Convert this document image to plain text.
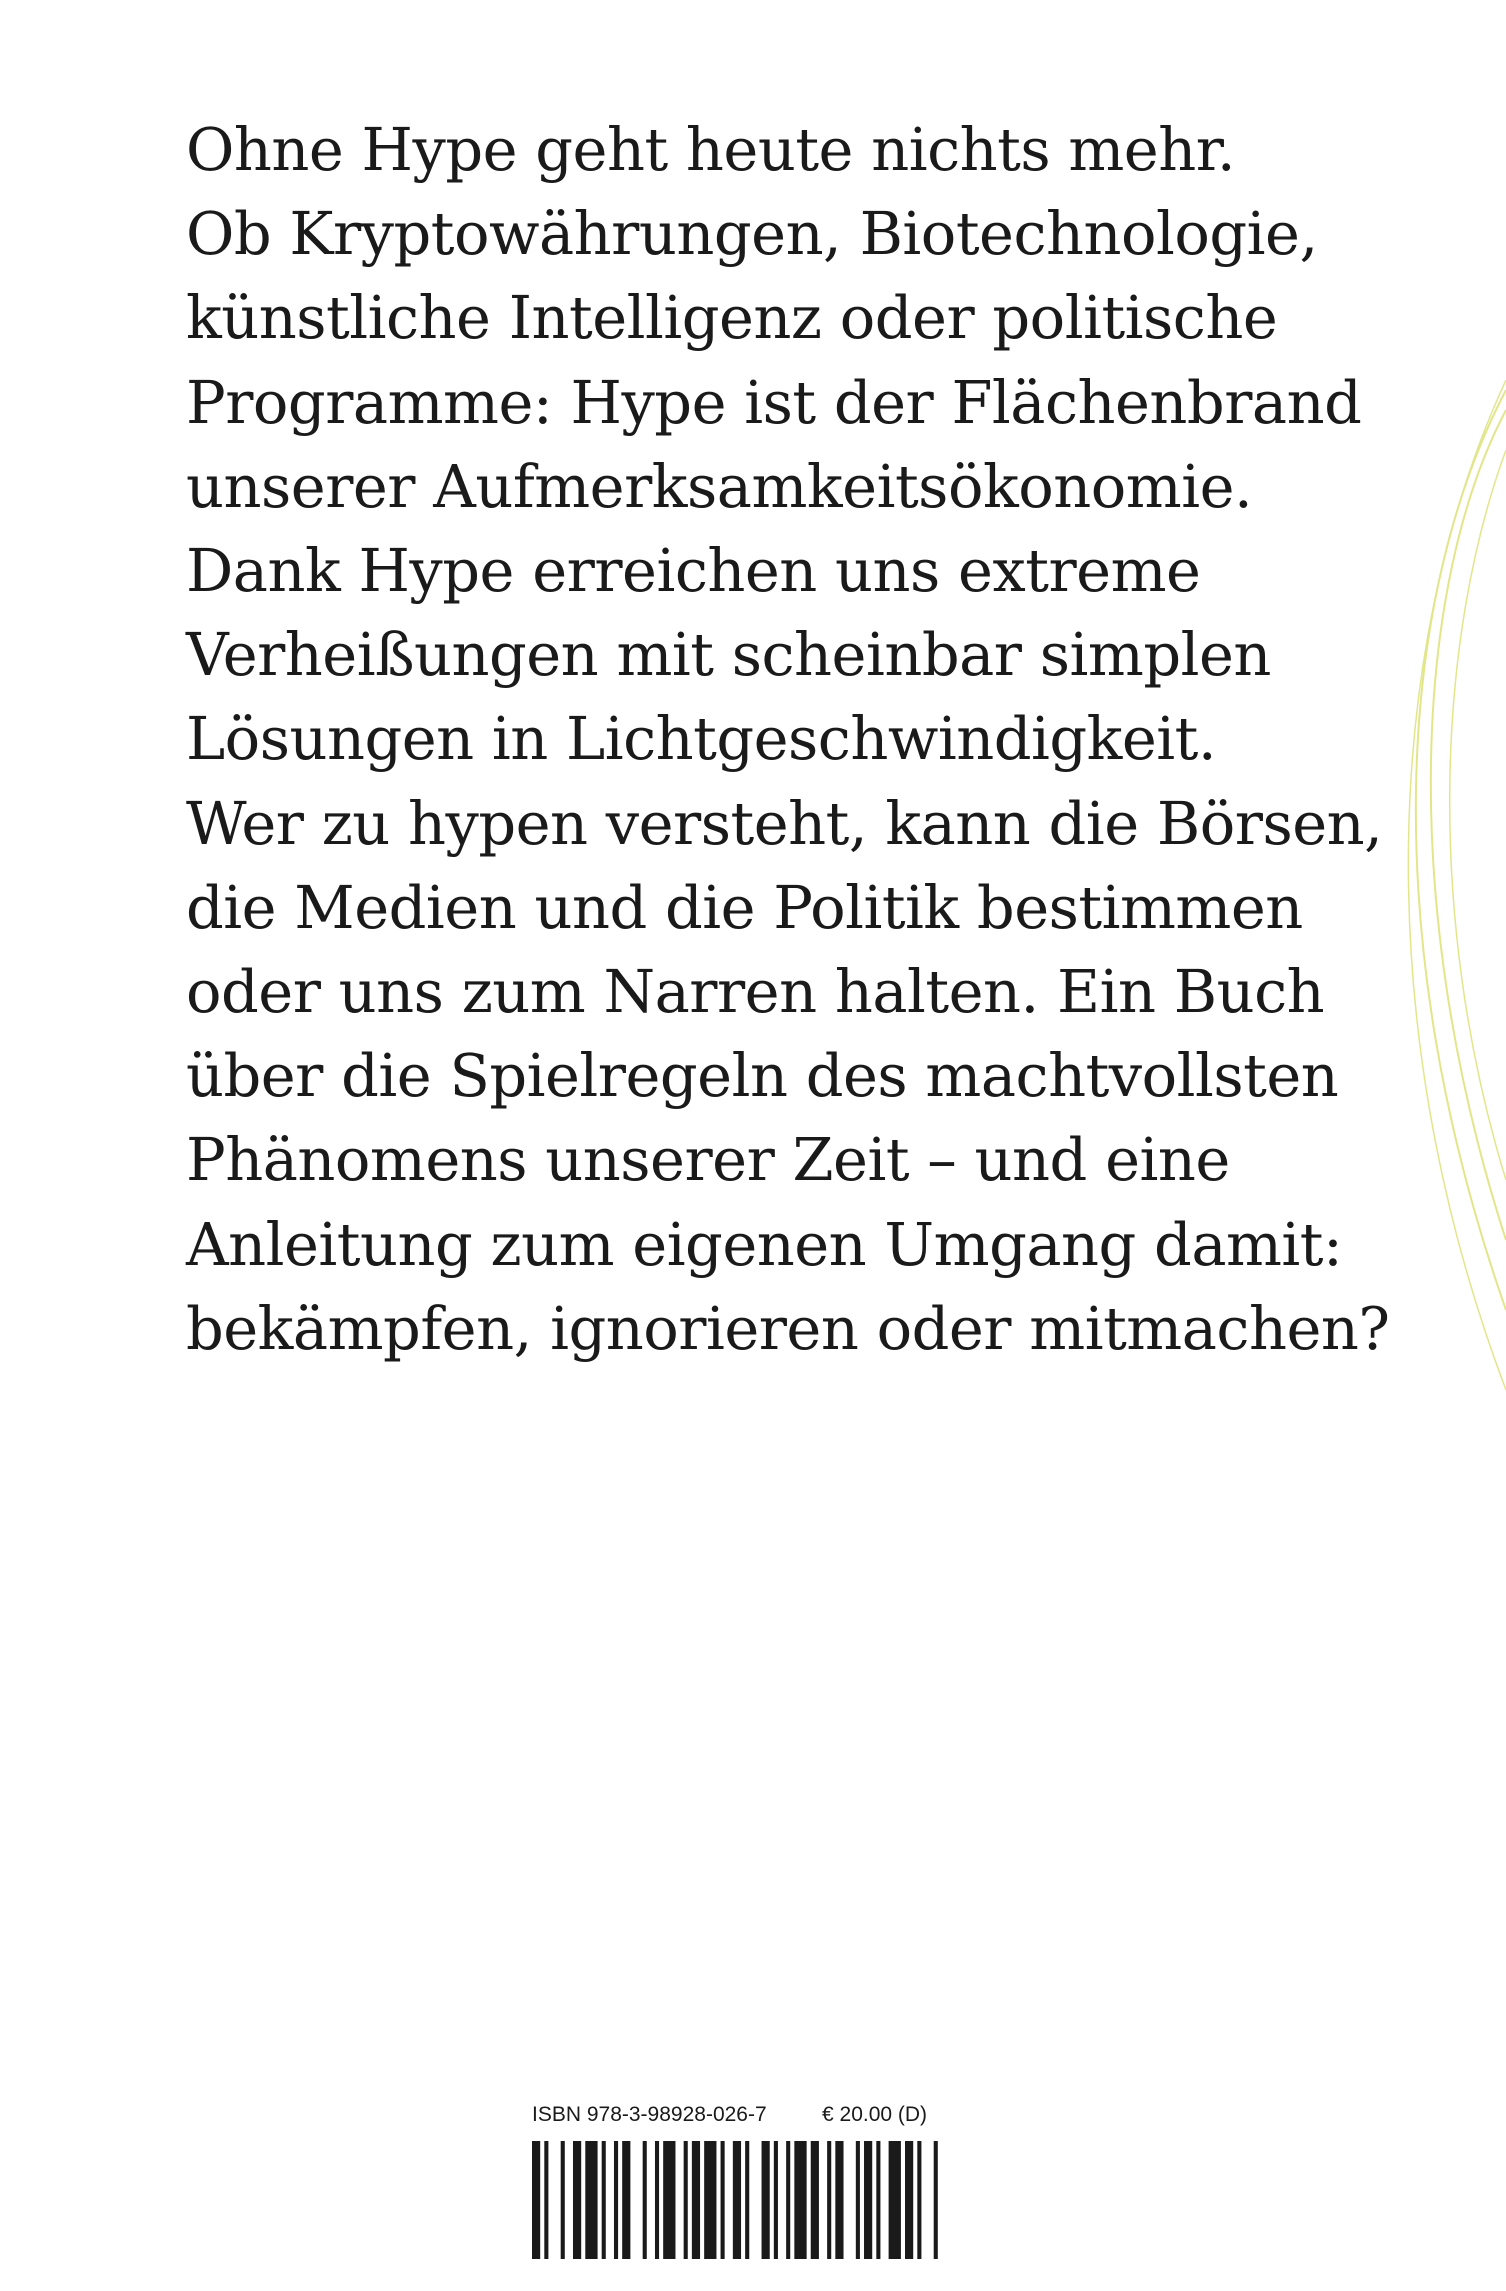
Ohne Hype geht heute nichts mehr.
Ob Kryptowährungen, Biotechnologie,
künstliche Intelligenz oder politische
Programme: Hype ist der Flächenbrand
unserer Aufmerksamkeitsökonomie.
Dank Hype erreichen uns extreme
Verheißungen mit scheinbar simplen
Lösungen in Lichtgeschwindigkeit.
Wer zu hypen versteht, kann die Börsen,
die Medien und die Politik bestimmen
oder uns zum Narren halten. Ein Buch
über die Spielregeln des machtvollsten
Phänomens unserer Zeit – und eine
Anleitung zum eigenen Umgang damit:
bekämpfen, ignorieren oder mitmachen?
ISBN 978-3-98928-026-7	€ 20.00 (D)
